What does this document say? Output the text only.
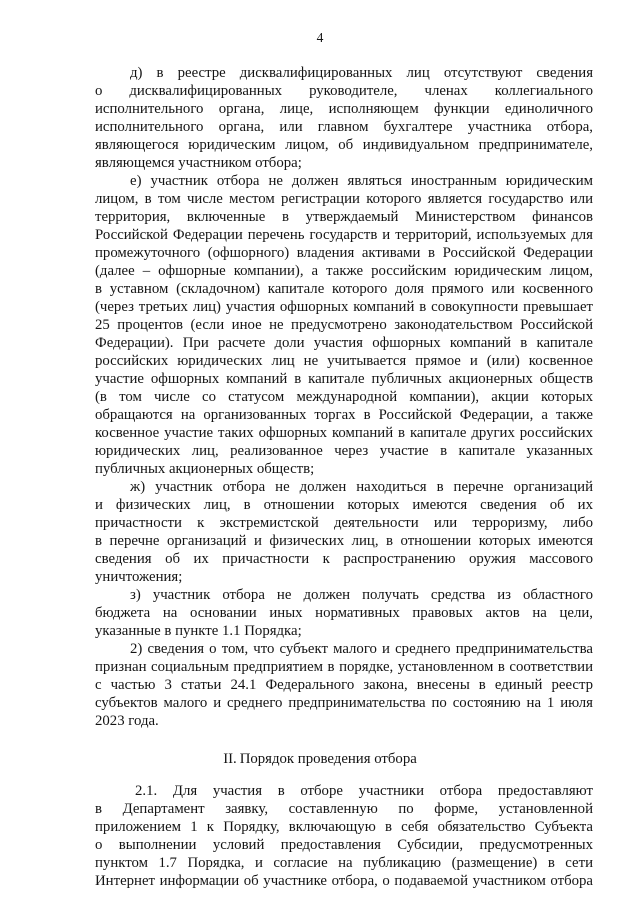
4
д) в реестре дисквалифицированных лиц отсутствуют сведения
о дисквалифицированных руководителе, членах коллегиального
исполнительного органа, лице, исполняющем функции единоличного
исполнительного органа, или главном бухгалтере участника отбора,
являющегося юридическим лицом, об индивидуальном предпринимателе,
являющемся участником отбора;
е) участник отбора не должен являться иностранным юридическим
лицом, в том числе местом регистрации которого является государство или
территория, включенные в утверждаемый Министерством финансов
Российской Федерации перечень государств и территорий, используемых для
промежуточного (офшорного) владения активами в Российской Федерации
(далее – офшорные компании), а также российским юридическим лицом,
в уставном (складочном) капитале которого доля прямого или косвенного
(через третьих лиц) участия офшорных компаний в совокупности превышает
25 процентов (если иное не предусмотрено законодательством Российской
Федерации). При расчете доли участия офшорных компаний в капитале
российских юридических лиц не учитывается прямое и (или) косвенное
участие офшорных компаний в капитале публичных акционерных обществ
(в том числе со статусом международной компании), акции которых
обращаются на организованных торгах в Российской Федерации, а также
косвенное участие таких офшорных компаний в капитале других российских
юридических лиц, реализованное через участие в капитале указанных
публичных акционерных обществ;
ж) участник отбора не должен находиться в перечне организаций
и физических лиц, в отношении которых имеются сведения об их
причастности к экстремистской деятельности или терроризму, либо
в перечне организаций и физических лиц, в отношении которых имеются
сведения об их причастности к распространению оружия массового
уничтожения;
з) участник отбора не должен получать средства из областного
бюджета на основании иных нормативных правовых актов на цели,
указанные в пункте 1.1 Порядка;
2) сведения о том, что субъект малого и среднего предпринимательства
признан социальным предприятием в порядке, установленном в соответствии
с частью 3 статьи 24.1 Федерального закона, внесены в единый реестр
субъектов малого и среднего предпринимательства по состоянию на 1 июля
2023 года.
II. Порядок проведения отбора
2.1. Для участия в отборе участники отбора предоставляют
в Департамент заявку, составленную по форме, установленной
приложением 1 к Порядку, включающую в себя обязательство Субъекта
о выполнении условий предоставления Субсидии, предусмотренных
пунктом 1.7 Порядка, и согласие на публикацию (размещение) в сети
Интернет информации об участнике отбора, о подаваемой участником отбора
